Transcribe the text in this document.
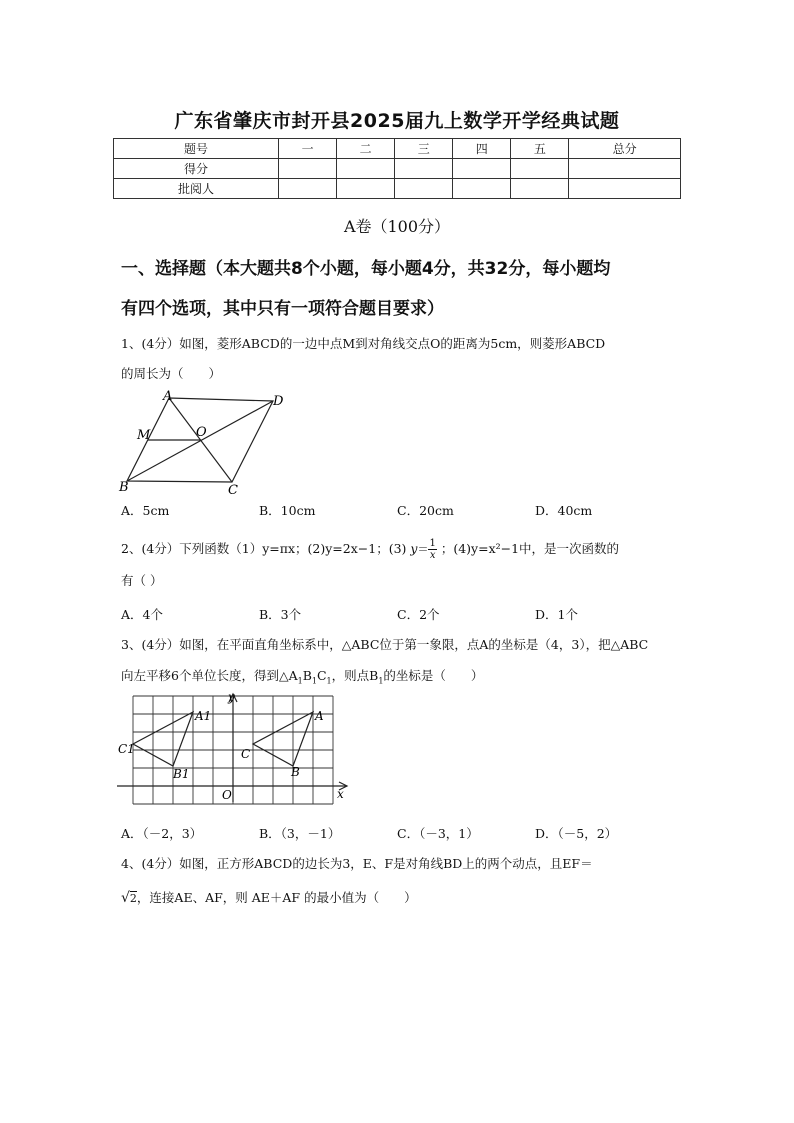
广东省肇庆市封开县2025届九上数学开学经典试题
题号	一	二	三	四	五	总分
得分						
批阅人						
A卷（100分）
一、选择题（本大题共8个小题，每小题4分，共32分，每小题均
有四个选项，其中只有一项符合题目要求）
1、(4分）如图，菱形ABCD的一边中点M到对角线交点O的距离为5cm，则菱形ABCD
的周长为（　　）
A	D
M	O
B	C
A．5cm	B．10cm	C．20cm	D．40cm
2、(4分）下列函数（1）y=πx；(2)y=2x−1；(3) $y= \frac{1}{x}$ ；(4)y=x²−1中，是一次函数的
有（ ）
A．4个	B．3个	C．2个	D．1个
3、(4分）如图，在平面直角坐标系中，△ABC位于第一象限，点A的坐标是（4，3），把△ABC
向左平移6个单位长度，得到$\triangle A_1B_1C_1$，则点$B_1$的坐标是（　　）
y
x
O
A
B
C
A1
B1
C1
A．（－2，3）	B．（3，－1）	C．（－3，1）	D．（－5，2）
4、(4分）如图，正方形ABCD的边长为3，E、F是对角线BD上的两个动点，且EF＝
√2，连接AE、AF，则 AE＋AF 的最小值为（　　）
